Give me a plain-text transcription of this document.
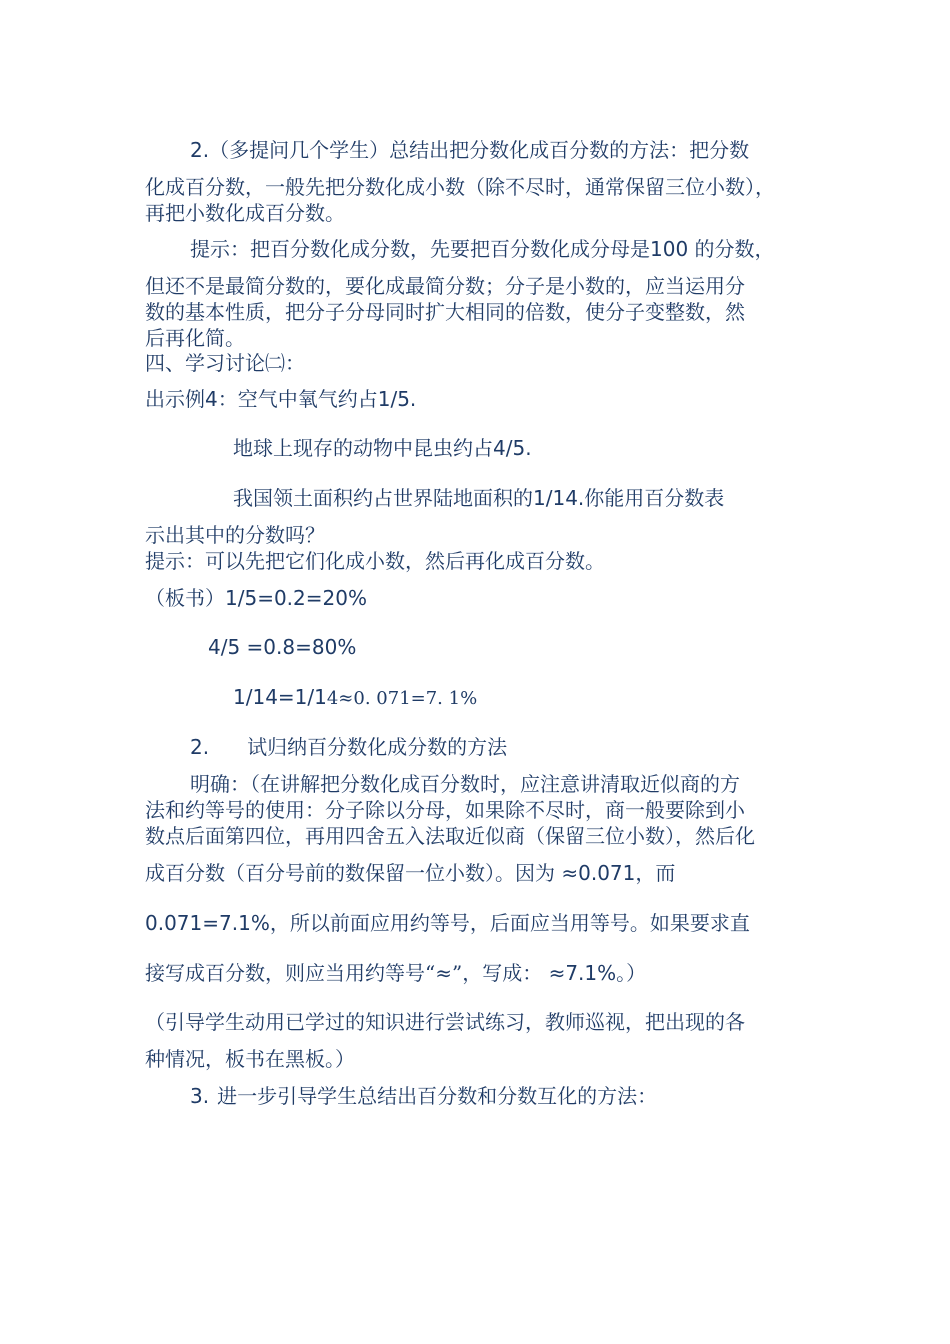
2.（多提问几个学生）总结出把分数化成百分数的方法：把分数
化成百分数，一般先把分数化成小数（除不尽时，通常保留三位小数），
再把小数化成百分数。
提示：把百分数化成分数，先要把百分数化成分母是100 的分数，
但还不是最简分数的，要化成最简分数；分子是小数的，应当运用分
数的基本性质，把分子分母同时扩大相同的倍数，使分子变整数，然
后再化简。
四、学习讨论㈡：
出示例4：空气中氧气约占1/5.
地球上现存的动物中昆虫约占4/5.
我国领土面积约占世界陆地面积的1/14.你能用百分数表
示出其中的分数吗？
提示：可以先把它们化成小数，然后再化成百分数。
（板书）1/5=0.2=20%
4/5 =0.8=80%
1/14=1/14≈0. 071=7. 1%
2. 试归纳百分数化成分数的方法
明确：（在讲解把分数化成百分数时，应注意讲清取近似商的方
法和约等号的使用：分子除以分母，如果除不尽时，商一般要除到小
数点后面第四位，再用四舍五入法取近似商（保留三位小数），然后化
成百分数（百分号前的数保留一位小数）。因为 ≈0.071，而
0.071=7.1%，所以前面应用约等号，后面应当用等号。如果要求直
接写成百分数，则应当用约等号“≈”，写成： ≈7.1%。）
（引导学生动用已学过的知识进行尝试练习，教师巡视，把出现的各
种情况，板书在黑板。）
3. 进一步引导学生总结出百分数和分数互化的方法：
